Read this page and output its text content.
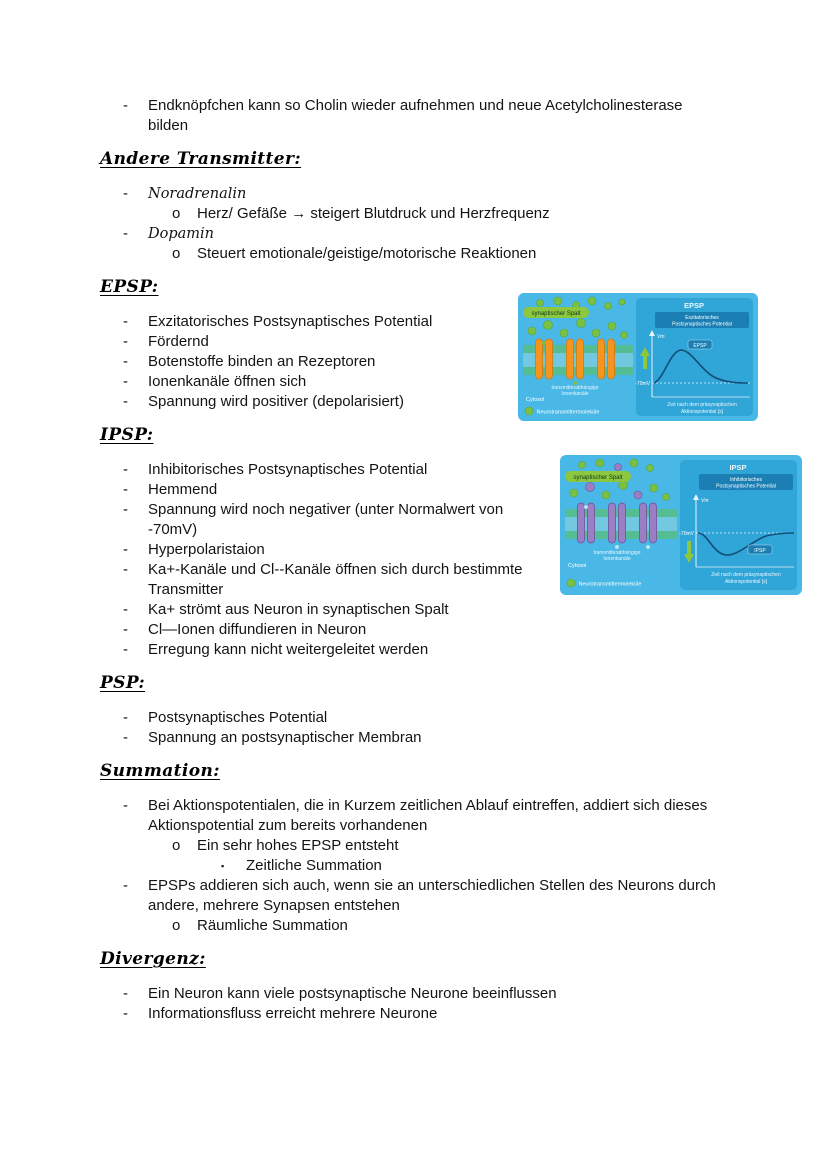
-	Endknöpfchen kann so Cholin wieder aufnehmen und neue Acetylcholinesterase bilden
Andere Transmitter:
-	Noradrenalin
o	Herz/ Gefäße → steigert Blutdruck und Herzfrequenz
-	Dopamin
o	Steuert emotionale/geistige/motorische Reaktionen
EPSP:
-	Exzitatorisches Postsynaptisches Potential
-	Fördernd
-	Botenstoffe binden an Rezeptoren
-	Ionenkanäle öffnen sich
-	Spannung wird positiver (depolarisiert)
IPSP:
-	Inhibitorisches Postsynaptisches Potential
-	Hemmend
-	Spannung wird noch negativer (unter Normalwert von -70mV)
-	Hyperpolaristaion
-	Ka+-Kanäle und Cl--Kanäle öffnen sich durch bestimmte Transmitter
-	Ka+ strömt aus Neuron in synaptischen Spalt
-	Cl—Ionen diffundieren in Neuron
-	Erregung kann nicht weitergeleitet werden
PSP:
-	Postsynaptisches Potential
-	Spannung an postsynaptischer Membran
Summation:
-	Bei Aktionspotentialen, die in Kurzem zeitlichen Ablauf eintreffen, addiert sich dieses Aktionspotential zum bereits vorhandenen
o	Ein sehr hohes EPSP entsteht
▪	Zeitliche Summation
-	EPSPs addieren sich auch, wenn sie an unterschiedlichen Stellen des Neurons durch andere, mehrere Synapsen entstehen
o	Räumliche Summation
Divergenz:
-	Ein Neuron kann viele postsynaptische Neurone beeinflussen
-	Informationsfluss erreicht mehrere Neurone
synaptischer Spalt
transmitterabhängige
Ionenkanäle
Cytosol
Neurotransmittermoleküle
EPSP
Exzitatorisches
Postsynaptisches Potential
Vm
-70mV
EPSP
Zeit nach dem präsynaptischen
Aktionspotential [s]
synaptischer Spalt
transmitterabhängige
Ionenkanäle
Cytosol
Neurotransmittermoleküle
IPSP
Inhibitorisches
Postsynaptisches Potential
Vm
-70mV
IPSP
Zeit nach dem präsynaptischen
Aktionspotential [s]
